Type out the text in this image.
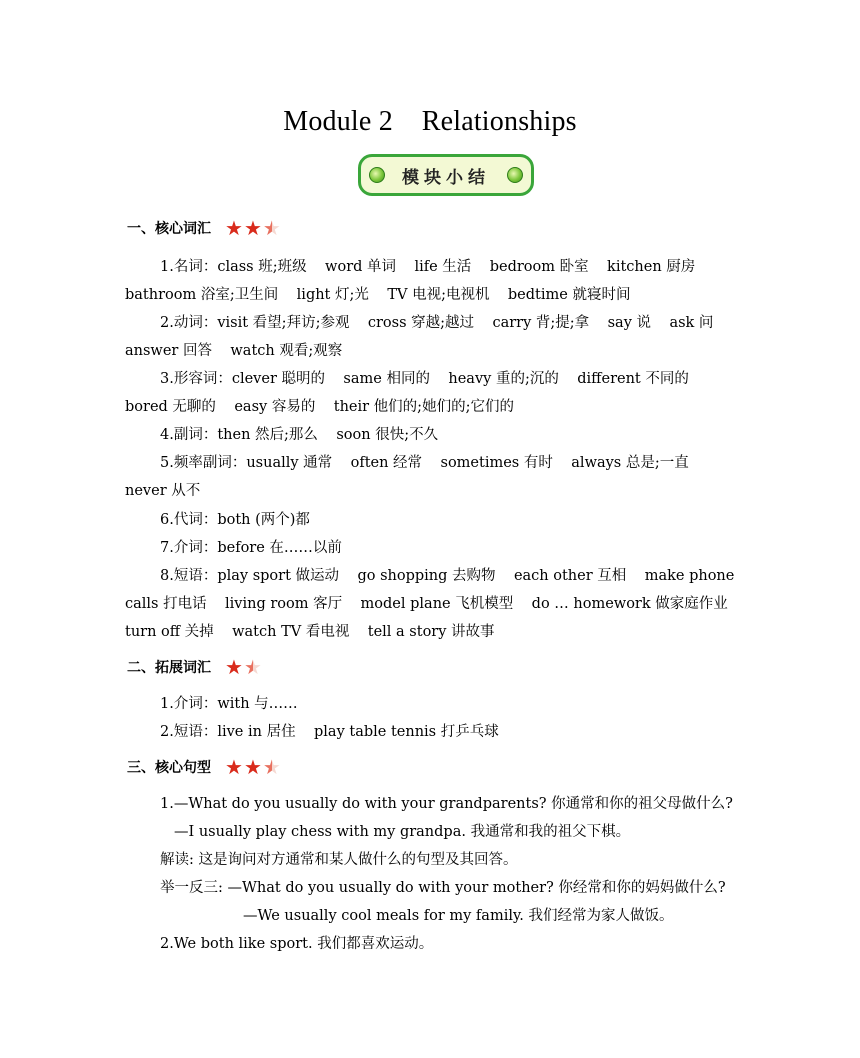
Module 2    Relationships
模块小结
一、核心词汇 ★ ★ ★
1.名词：class 班;班级    word 单词    life 生活    bedroom 卧室    kitchen 厨房
bathroom 浴室;卫生间    light 灯;光    TV 电视;电视机    bedtime 就寝时间
2.动词：visit 看望;拜访;参观    cross 穿越;越过    carry 背;提;拿    say 说    ask 问
answer 回答    watch 观看;观察
3.形容词：clever 聪明的    same 相同的    heavy 重的;沉的    different 不同的
bored 无聊的    easy 容易的    their 他们的;她们的;它们的
4.副词：then 然后;那么    soon 很快;不久
5.频率副词：usually 通常    often 经常    sometimes 有时    always 总是;一直
never 从不
6.代词：both (两个)都
7.介词：before 在……以前
8.短语：play sport 做运动    go shopping 去购物    each other 互相    make phone
calls 打电话    living room 客厅    model plane 飞机模型    do … homework 做家庭作业
turn off 关掉    watch TV 看电视    tell a story 讲故事
二、拓展词汇 ★ ★
1.介词：with 与……
2.短语：live in 居住    play table tennis 打乒乓球
三、核心句型 ★ ★ ★
1.—What do you usually do with your grandparents? 你通常和你的祖父母做什么?
—I usually play chess with my grandpa. 我通常和我的祖父下棋。
解读: 这是询问对方通常和某人做什么的句型及其回答。
举一反三: —What do you usually do with your mother? 你经常和你的妈妈做什么?
—We usually cool meals for my family. 我们经常为家人做饭。
2.We both like sport. 我们都喜欢运动。
